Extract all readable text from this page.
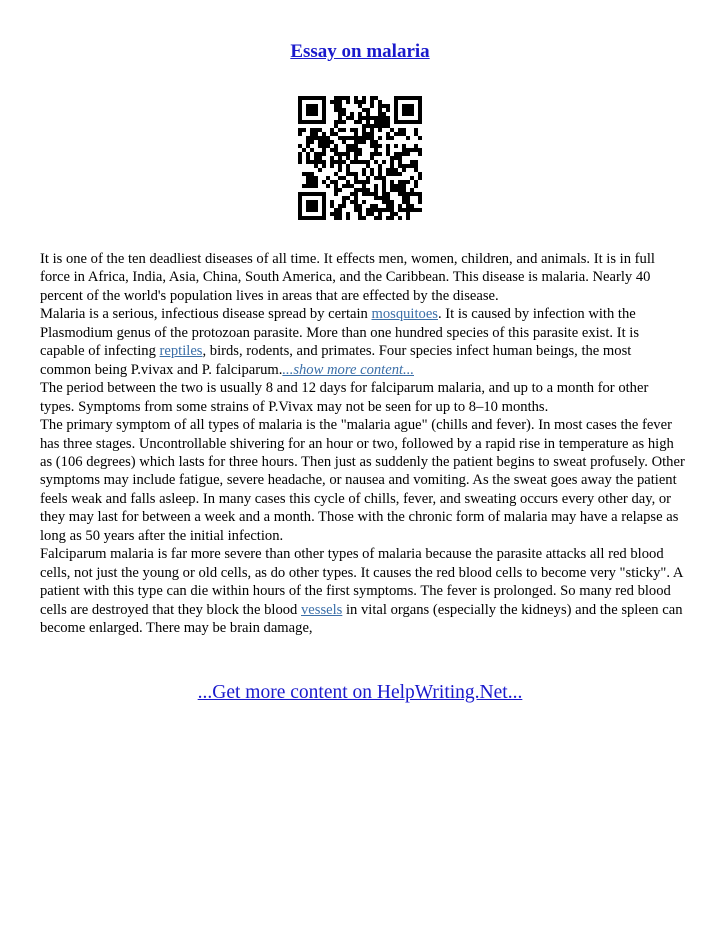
Essay on malaria

It is one of the ten deadliest diseases of all time. It effects men, women, children, and animals. It is in full force in Africa, India, Asia, China, South America, and the Caribbean. This disease is malaria. Nearly 40 percent of the world's population lives in areas that are effected by the disease.

Malaria is a serious, infectious disease spread by certain mosquitoes. It is caused by infection with the Plasmodium genus of the protozoan parasite. More than one hundred species of this parasite exist. It is capable of infecting reptiles, birds, rodents, and primates. Four species infect human beings, the most common being P.vivax and P. falciparum....show more content...

The period between the two is usually 8 and 12 days for falciparum malaria, and up to a month for other types. Symptoms from some strains of P.Vivax may not be seen for up to 8–10 months.

The primary symptom of all types of malaria is the "malaria ague" (chills and fever). In most cases the fever has three stages. Uncontrollable shivering for an hour or two, followed by a rapid rise in temperature as high as (106 degrees) which lasts for three hours. Then just as suddenly the patient begins to sweat profusely. Other symptoms may include fatigue, severe headache, or nausea and vomiting. As the sweat goes away the patient feels weak and falls asleep. In many cases this cycle of chills, fever, and sweating occurs every other day, or they may last for between a week and a month. Those with the chronic form of malaria may have a relapse as long as 50 years after the initial infection.

Falciparum malaria is far more severe than other types of malaria because the parasite attacks all red blood cells, not just the young or old cells, as do other types. It causes the red blood cells to become very "sticky". A patient with this type can die within hours of the first symptoms. The fever is prolonged. So many red blood cells are destroyed that they block the blood vessels in vital organs (especially the kidneys) and the spleen can become enlarged. There may be brain damage,

...Get more content on HelpWriting.Net...
